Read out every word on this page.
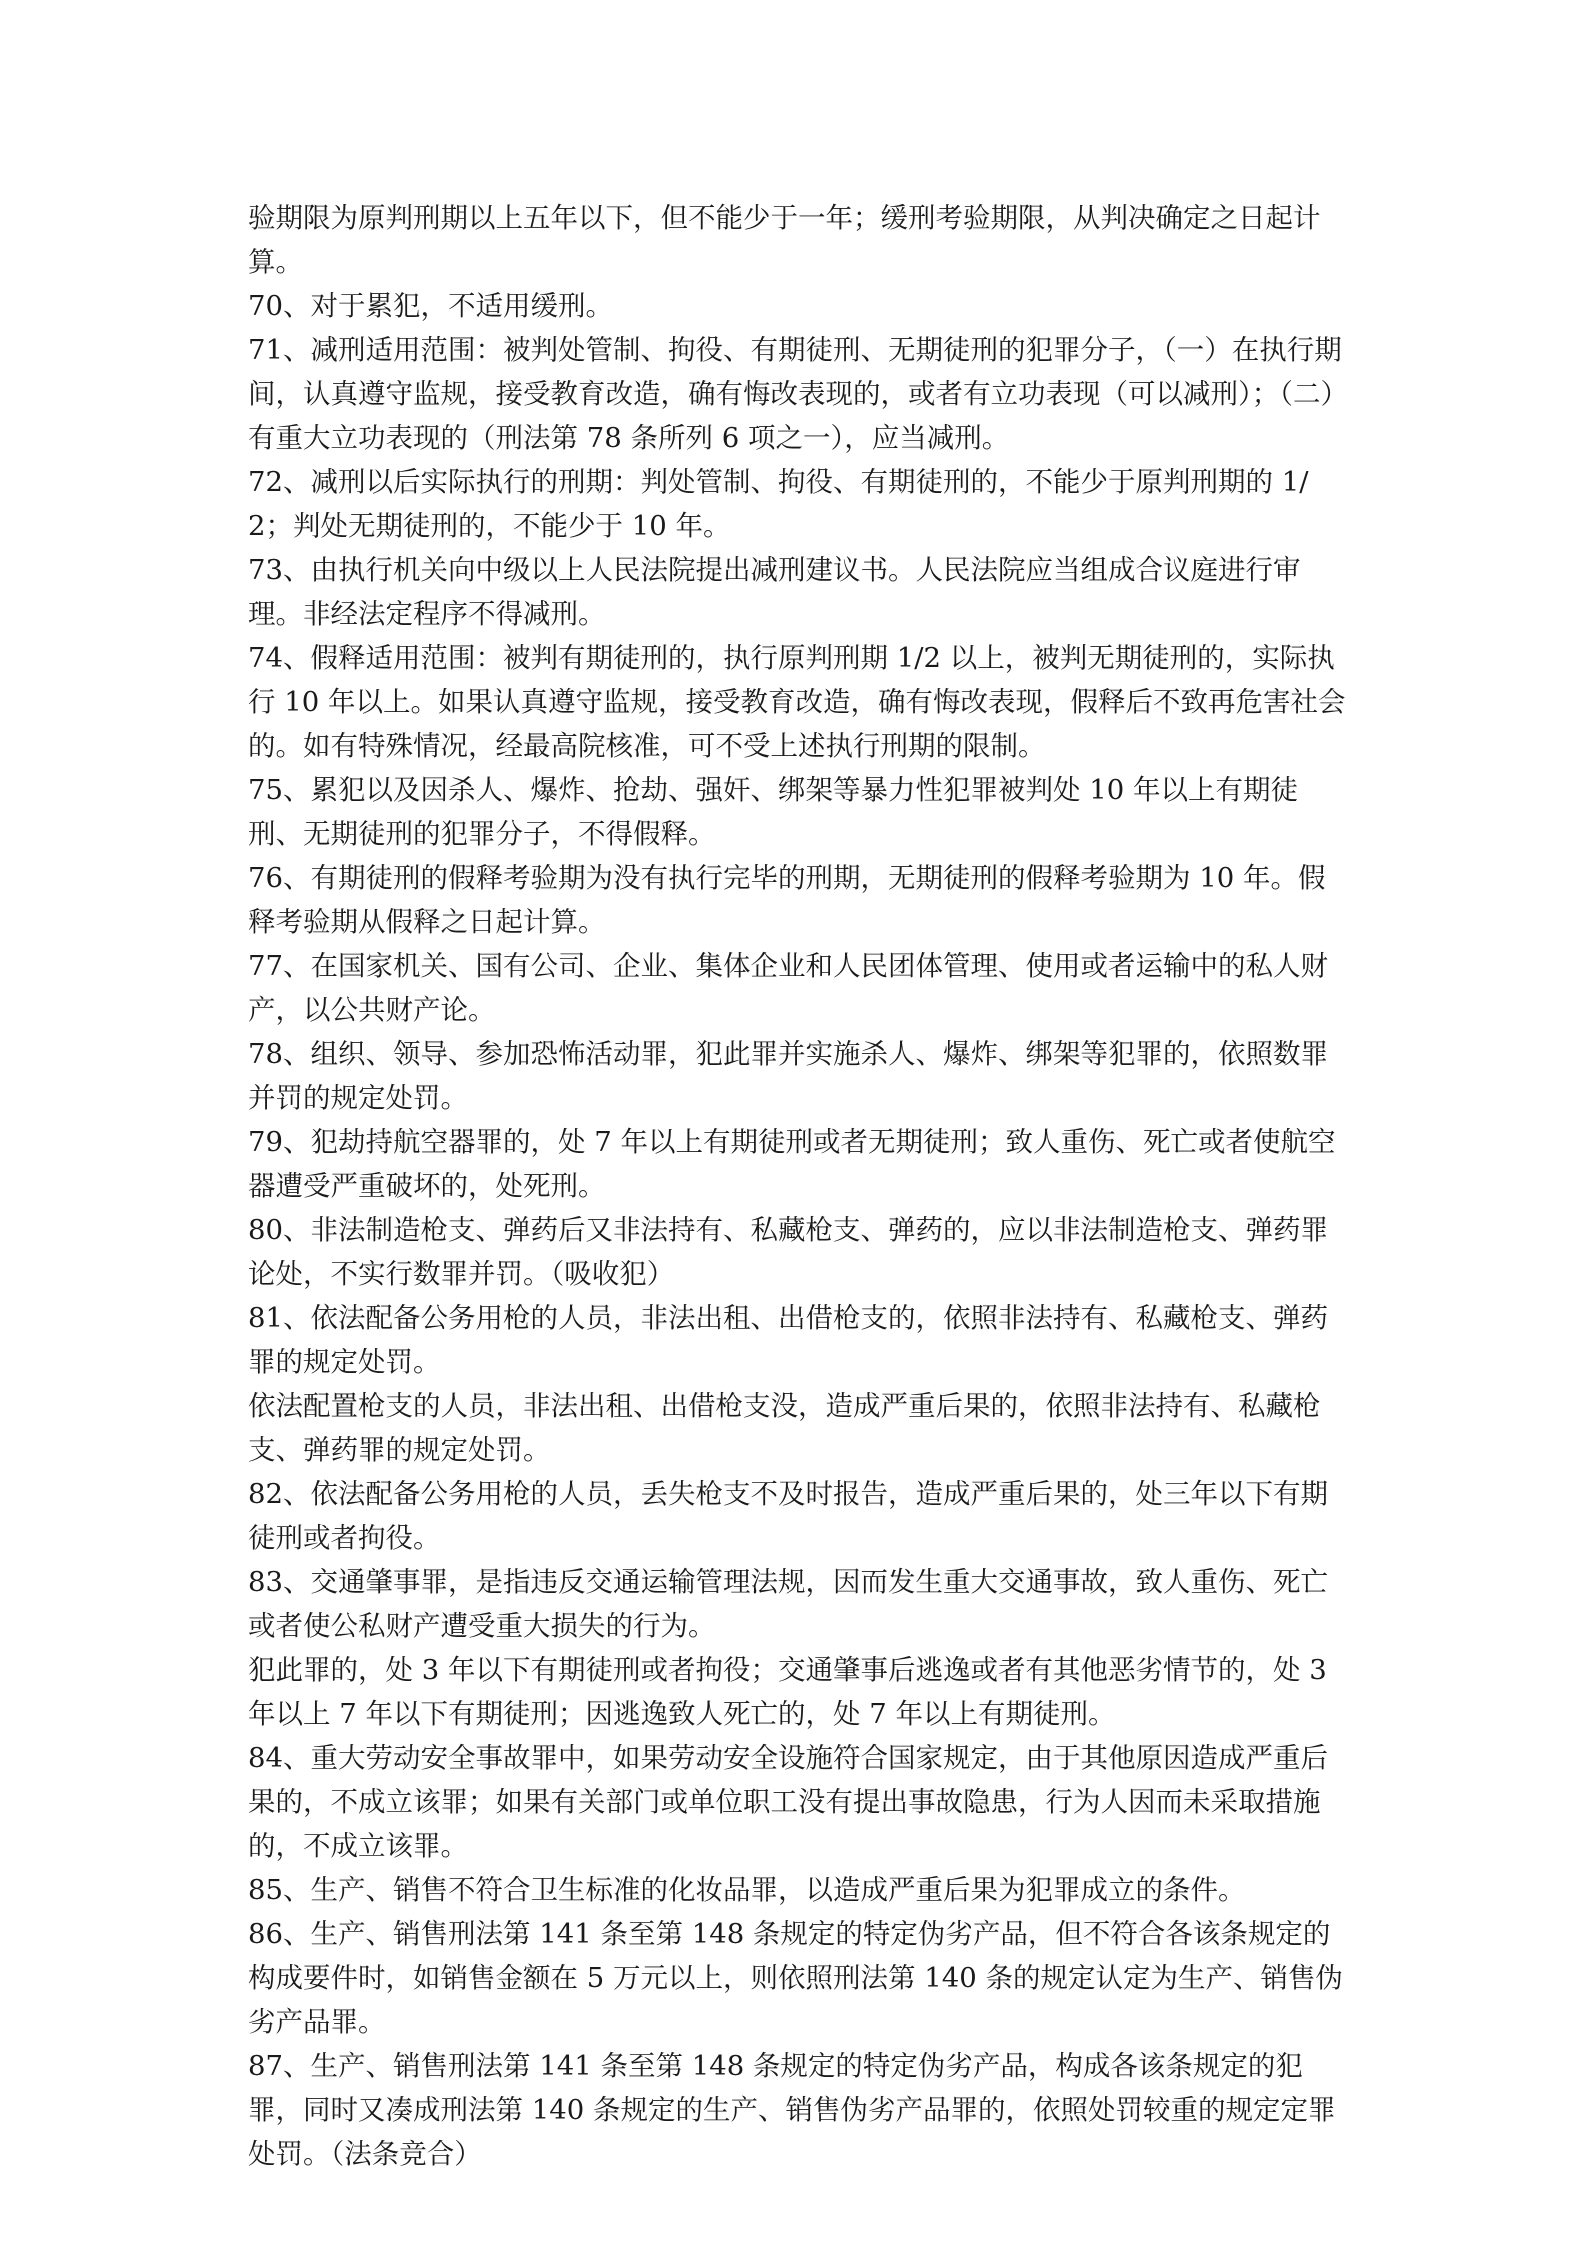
验期限为原判刑期以上五年以下，但不能少于一年；缓刑考验期限，从判决确定之日起计算。

70、对于累犯，不适用缓刑。

71、减刑适用范围：被判处管制、拘役、有期徒刑、无期徒刑的犯罪分子，（一）在执行期间，认真遵守监规，接受教育改造，确有悔改表现的，或者有立功表现（可以减刑）；（二）有重大立功表现的（刑法第 78 条所列 6 项之一），应当减刑。

72、减刑以后实际执行的刑期：判处管制、拘役、有期徒刑的，不能少于原判刑期的 1/2；判处无期徒刑的，不能少于 10 年。

73、由执行机关向中级以上人民法院提出减刑建议书。人民法院应当组成合议庭进行审理。非经法定程序不得减刑。

74、假释适用范围：被判有期徒刑的，执行原判刑期 1/2 以上，被判无期徒刑的，实际执行 10 年以上。如果认真遵守监规，接受教育改造，确有悔改表现，假释后不致再危害社会的。如有特殊情况，经最高院核准，可不受上述执行刑期的限制。

75、累犯以及因杀人、爆炸、抢劫、强奸、绑架等暴力性犯罪被判处 10 年以上有期徒刑、无期徒刑的犯罪分子，不得假释。

76、有期徒刑的假释考验期为没有执行完毕的刑期，无期徒刑的假释考验期为 10 年。假释考验期从假释之日起计算。

77、在国家机关、国有公司、企业、集体企业和人民团体管理、使用或者运输中的私人财产，以公共财产论。

78、组织、领导、参加恐怖活动罪，犯此罪并实施杀人、爆炸、绑架等犯罪的，依照数罪并罚的规定处罚。

79、犯劫持航空器罪的，处 7 年以上有期徒刑或者无期徒刑；致人重伤、死亡或者使航空器遭受严重破坏的，处死刑。

80、非法制造枪支、弹药后又非法持有、私藏枪支、弹药的，应以非法制造枪支、弹药罪论处，不实行数罪并罚。（吸收犯）

81、依法配备公务用枪的人员，非法出租、出借枪支的，依照非法持有、私藏枪支、弹药罪的规定处罚。

依法配置枪支的人员，非法出租、出借枪支没，造成严重后果的，依照非法持有、私藏枪支、弹药罪的规定处罚。

82、依法配备公务用枪的人员，丢失枪支不及时报告，造成严重后果的，处三年以下有期徒刑或者拘役。

83、交通肇事罪，是指违反交通运输管理法规，因而发生重大交通事故，致人重伤、死亡或者使公私财产遭受重大损失的行为。

犯此罪的，处 3 年以下有期徒刑或者拘役；交通肇事后逃逸或者有其他恶劣情节的，处 3 年以上 7 年以下有期徒刑；因逃逸致人死亡的，处 7 年以上有期徒刑。

84、重大劳动安全事故罪中，如果劳动安全设施符合国家规定，由于其他原因造成严重后果的，不成立该罪；如果有关部门或单位职工没有提出事故隐患，行为人因而未采取措施的，不成立该罪。

85、生产、销售不符合卫生标准的化妆品罪，以造成严重后果为犯罪成立的条件。

86、生产、销售刑法第 141 条至第 148 条规定的特定伪劣产品，但不符合各该条规定的构成要件时，如销售金额在 5 万元以上，则依照刑法第 140 条的规定认定为生产、销售伪劣产品罪。

87、生产、销售刑法第 141 条至第 148 条规定的特定伪劣产品，构成各该条规定的犯罪，同时又凑成刑法第 140 条规定的生产、销售伪劣产品罪的，依照处罚较重的规定定罪处罚。（法条竞合）
